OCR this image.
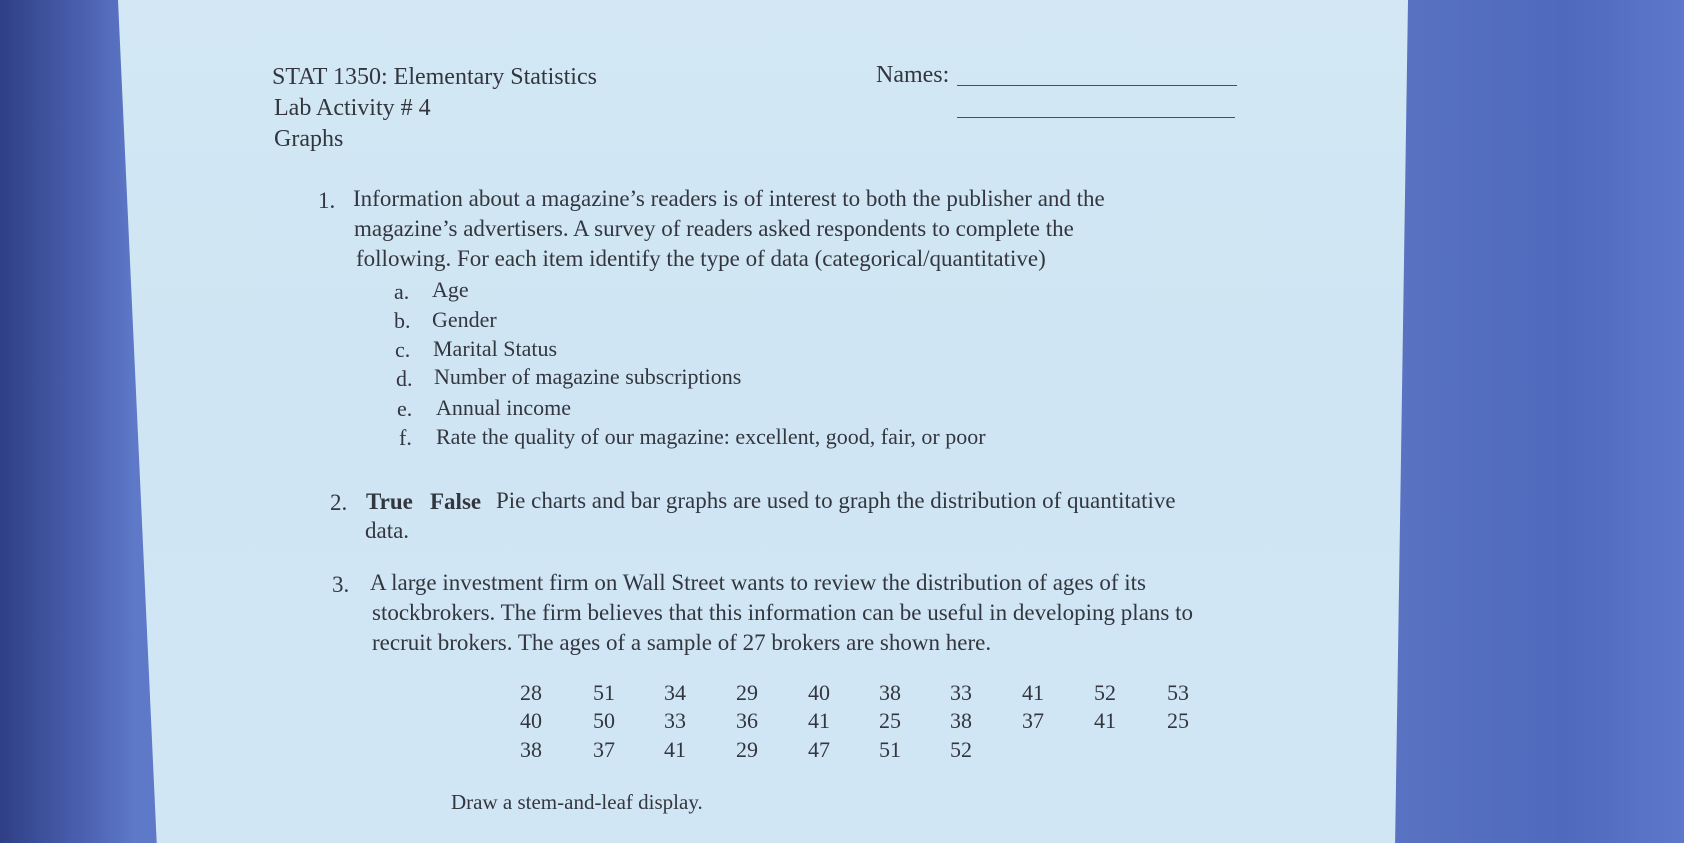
STAT 1350: Elementary Statistics
Lab Activity # 4
Graphs
Names:
1. Information about a magazine’s readers is of interest to both the publisher and the
magazine’s advertisers. A survey of readers asked respondents to complete the
following. For each item identify the type of data (categorical/quantitative)
a. Age
b. Gender
c. Marital Status
d. Number of magazine subscriptions
e. Annual income
f. Rate the quality of our magazine: excellent, good, fair, or poor
2. True False Pie charts and bar graphs are used to graph the distribution of quantitative
data.
3. A large investment firm on Wall Street wants to review the distribution of ages of its
stockbrokers. The firm believes that this information can be useful in developing plans to
recruit brokers. The ages of a sample of 27 brokers are shown here.
28	51	34	29	40	38	33	41	52	53
40	50	33	36	41	25	38	37	41	25
38	37	41	29	47	51	52
Draw a stem-and-leaf display.
